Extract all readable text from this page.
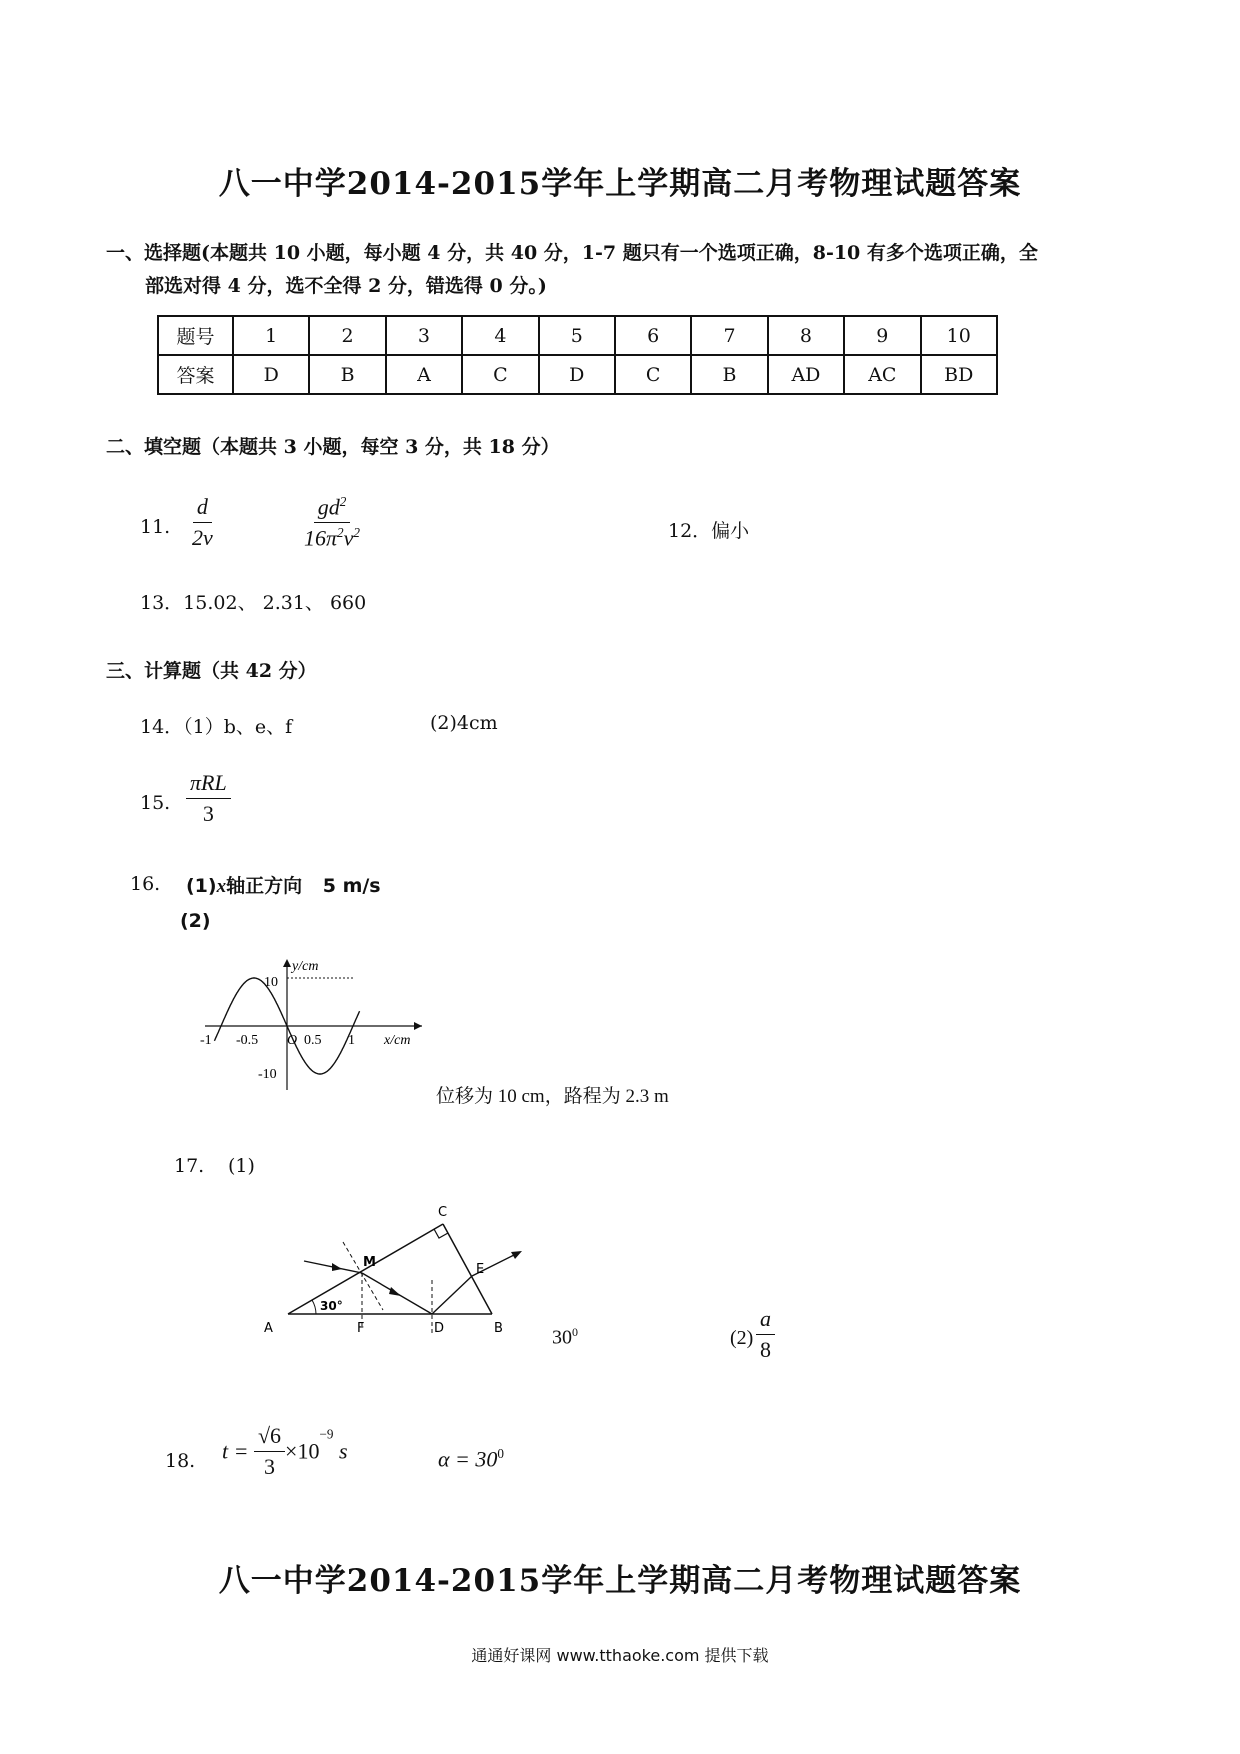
八一中学2014-2015学年上学期高二月考物理试题答案
一、选择题(本题共 10 小题，每小题 4 分，共 40 分，1-7 题只有一个选项正确，8-10 有多个选项正确，全
部选对得 4 分，选不全得 2 分，错选得 0 分。)
题号	1	2	3	4	5	6	7	8	9	10
答案	D	B	A	C	D	C	B	AD	AC	BD
二、填空题（本题共 3 小题，每空 3 分，共 18 分）
11. $\frac{d}{2v}$	$\frac{gd^2}{16\pi^2v^2}$	12．偏小
13．15.02、 2.31、 660
三、计算题（共 42 分）
14．（1）b、e、f	(2)4cm
15. $\frac{\text{πRL}}{3}$
16. (1)x轴正方向 5 m/s
(2)
10
-10
-1 -0.5 O 0.5 1
y/cm
x/cm
位移为 10 cm，路程为 2.3 m
17. (1)
A	B
C
D
E
F
M
30°
$30^0$	$(2) \frac{a}{8}$
18. $t = \frac{√6}{3} \times 10^{-9}$ s	$\alpha = 30^0$
八一中学2014-2015学年上学期高二月考物理试题答案
通通好课网 www.tthaoke.com 提供下载
